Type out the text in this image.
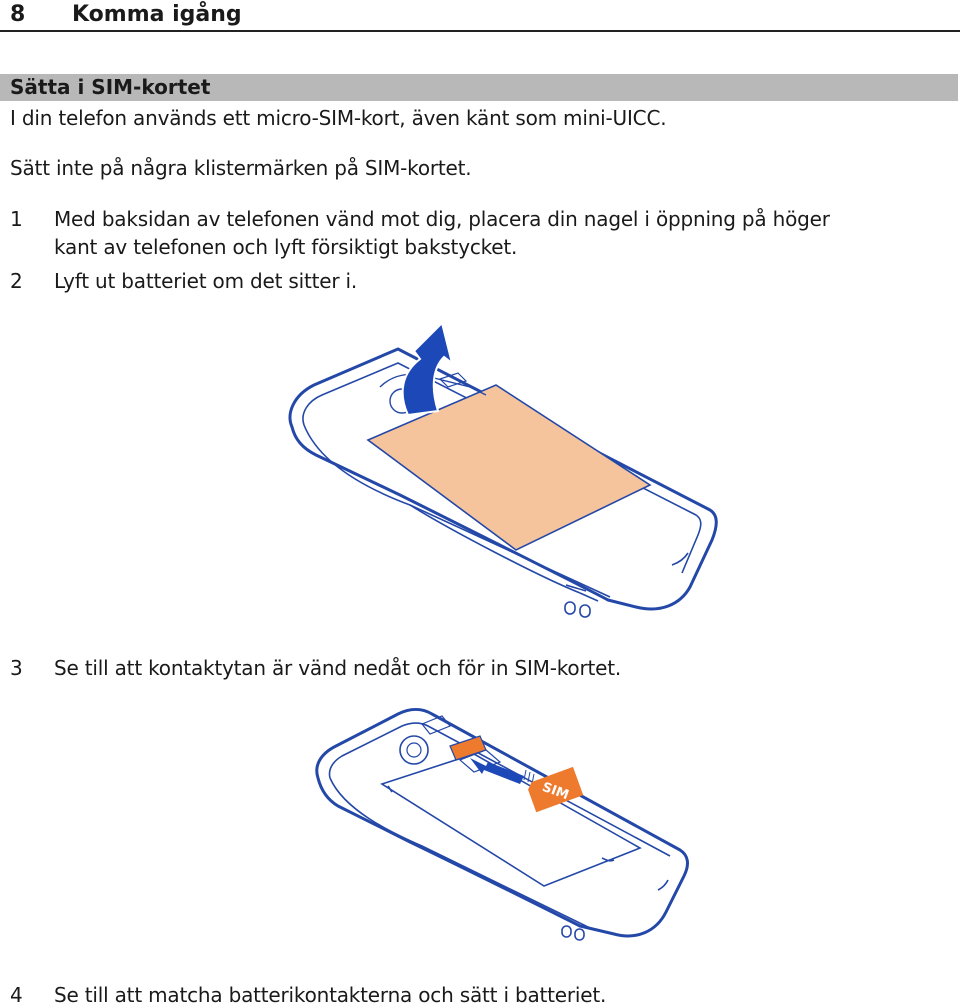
8 Komma igång
Sätta i SIM-kortet
I din telefon används ett micro-SIM-kort, även känt som mini-UICC.
Sätt inte på några klistermärken på SIM-kortet.
1 Med baksidan av telefonen vänd mot dig, placera din nagel i öppning på höger
kant av telefonen och lyft försiktigt bakstycket.
2 Lyft ut batteriet om det sitter i.
3 Se till att kontaktytan är vänd nedåt och för in SIM-kortet.
SIM
4 Se till att matcha batterikontakterna och sätt i batteriet.
